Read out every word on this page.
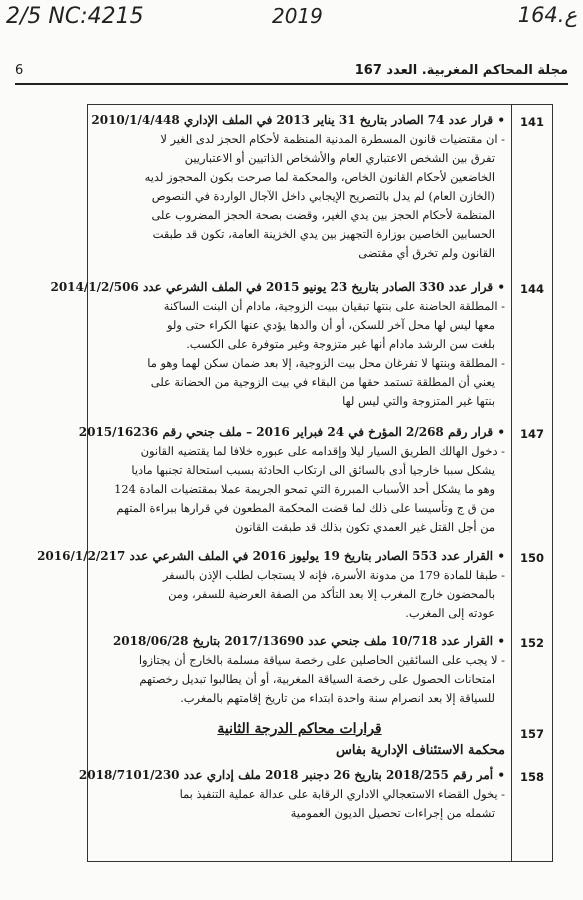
2/5 NC:4215	2019	164.ع
مجلة المحاكم المغربية. العدد 167
6
141
144
147
150
152
157
158
• قرار عدد 74 الصادر بتاريخ 31 يناير 2013 في الملف الإداري 2010/1/4/448
- ان مقتضيات قانون المسطرة المدنية المنظمة لأحكام الحجز لدى الغير لا
تفرق بين الشخص الاعتباري العام والأشخاص الذاتيين أو الاعتباريين
الخاضعين لأحكام القانون الخاص، والمحكمة لما صرحت بكون المحجوز لديه
(الخازن العام) لم يدل بالتصريح الإيجابي داخل الآجال الواردة في النصوص
المنظمة لأحكام الحجز بين يدي الغير، وقضت بصحة الحجز المضروب على
الحسابين الخاصين بوزارة التجهيز بين يدي الخزينة العامة، تكون قد طبقت
القانون ولم تخرق أي مقتضى
• قرار عدد 330 الصادر بتاريخ 23 يونيو 2015 في الملف الشرعي عدد 2014/1/2/506
- المطلقة الحاضنة على بنتها تبقيان ببيت الزوجية، مادام أن البنت الساكنة
معها ليس لها محل آخر للسكن، أو أن والدها يؤدي عنها الكراء حتى ولو
بلغت سن الرشد مادام أنها غير متزوجة وغير متوفرة على الكسب.
- المطلقة وبنتها لا تفرغان محل بيت الزوجية، إلا بعد ضمان سكن لهما وهو ما
يعني أن المطلقة تستمد حقها من البقاء في بيت الزوجية من الحضانة على
بنتها غير المتزوجة والتي ليس لها
• قرار رقم 2/268 المؤرخ في 24 فبراير 2016 – ملف جنحي رقم 2015/16236
- دخول الهالك الطريق السيار ليلا وإقدامه على عبوره خلافا لما يقتضيه القانون
يشكل سببا خارجيا أدى بالسائق الى ارتكاب الحادثة بسبب استحالة تجنبها ماديا
وهو ما يشكل أحد الأسباب المبررة التي تمحو الجريمة عملا بمقتضيات المادة 124
من ق ج وتأسيسا على ذلك لما قضت المحكمة المطعون في قرارها ببراءة المتهم
من أجل القتل غير العمدي تكون بذلك قد طبقت القانون
• القرار عدد 553 الصادر بتاريخ 19 يوليوز 2016 في الملف الشرعي عدد 2016/1/2/217
- طبقا للمادة 179 من مدونة الأسرة، فإنه لا يستجاب لطلب الإذن بالسفر
بالمحضون خارج المغرب إلا بعد التأكد من الصفة العرضية للسفر، ومن
عودته إلى المغرب.
• القرار عدد 10/718 ملف جنحي عدد 2017/13690 بتاريخ 2018/06/28
- لا يجب على السائقين الحاصلين على رخصة سياقة مسلمة بالخارج أن يجتازوا
امتحانات الحصول على رخصة السياقة المغربية، أو أن يطالبوا تبديل رخصتهم
للسياقة إلا بعد انصرام سنة واحدة ابتداء من تاريخ إقامتهم بالمغرب.
قرارات محاكم الدرجة الثانية
محكمة الاستئناف الإدارية بفاس
• أمر رقم 2018/255 بتاريخ 26 دجنبر 2018 ملف إداري عدد 2018/7101/230
- يخول القضاء الاستعجالي الاداري الرقابة على عدالة عملية التنفيذ بما
تشمله من إجراءات تحصيل الديون العمومية
